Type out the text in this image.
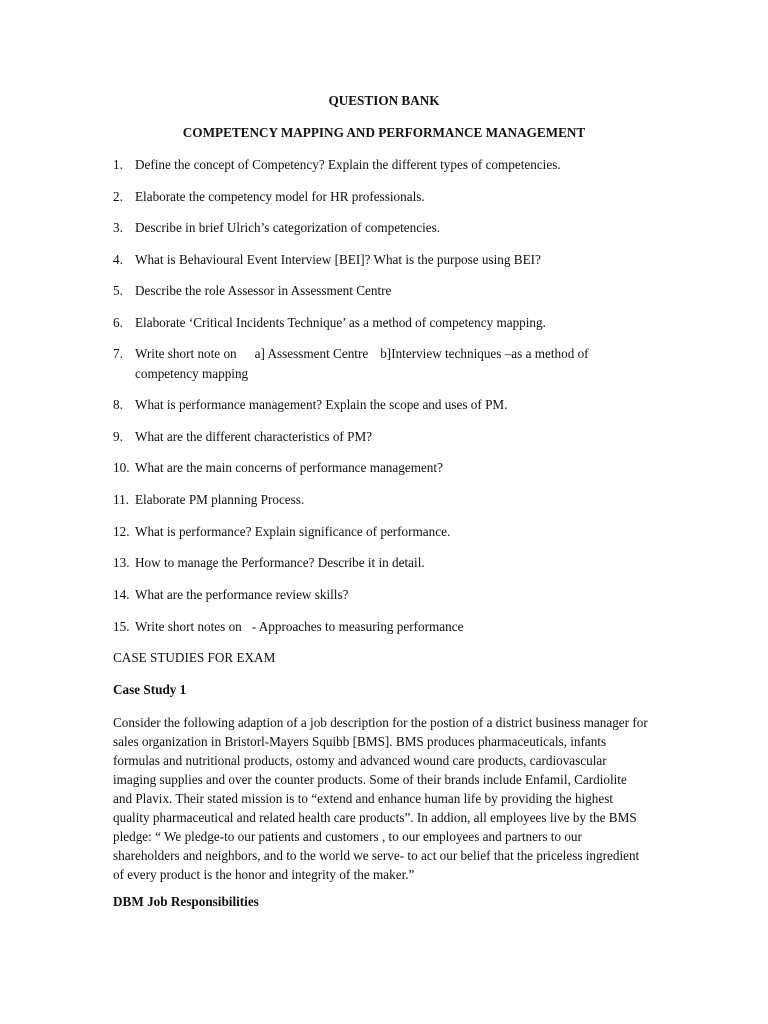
QUESTION BANK
COMPETENCY MAPPING AND PERFORMANCE MANAGEMENT
1. Define the concept of Competency? Explain the different types of competencies.
2. Elaborate the competency model for HR professionals.
3. Describe in brief Ulrich’s categorization of competencies.
4. What is Behavioural Event Interview [BEI]? What is the purpose using BEI?
5. Describe the role Assessor in Assessment Centre
6. Elaborate ‘Critical Incidents Technique’ as a method of competency mapping.
7. Write short note on a] Assessment Centre b]Interview techniques –as a method of
competency mapping
8. What is performance management? Explain the scope and uses of PM.
9. What are the different characteristics of PM?
10. What are the main concerns of performance management?
11. Elaborate PM planning Process.
12. What is performance? Explain significance of performance.
13. How to manage the Performance? Describe it in detail.
14. What are the performance review skills?
15. Write short notes on - Approaches to measuring performance
CASE STUDIES FOR EXAM
Case Study 1
Consider the following adaption of a job description for the postion of a district business manager for
sales organization in Bristorl-Mayers Squibb [BMS]. BMS produces pharmaceuticals, infants
formulas and nutritional products, ostomy and advanced wound care products, cardiovascular
imaging supplies and over the counter products. Some of their brands include Enfamil, Cardiolite
and Plavix. Their stated mission is to “extend and enhance human life by providing the highest
quality pharmaceutical and related health care products”. In addion, all employees live by the BMS
pledge: “ We pledge-to our patients and customers , to our employees and partners to our
shareholders and neighbors, and to the world we serve- to act our belief that the priceless ingredient
of every product is the honor and integrity of the maker.”
DBM Job Responsibilities
